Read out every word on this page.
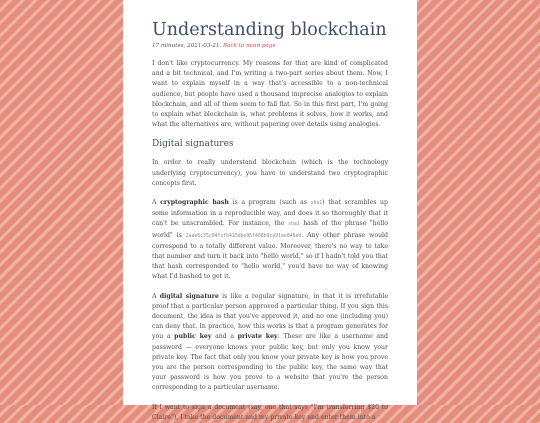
Understanding blockchain
17 minutes, 2021-03-21. Back to main page

I don't like cryptocurrency. My reasons for that are kind of complicated and a bit technical, and I'm writing a two-part series about them. Now, I want to explain myself in a way that's accessible to a non-technical audience, but people have used a thousand imprecise analogies to explain blockchain, and all of them seem to fall flat. So in this first part, I'm going to explain what blockchain is, what problems it solves, how it works, and what the alternatives are, without papering over details using analogies.

Digital signatures

In order to really understand blockchain (which is the technology underlying cryptocurrency), you have to understand two cryptographic concepts first.

A cryptographic hash is a program (such as sha1) that scrambles up some information in a reproducible way, and does it so thoroughly that it can't be unscrambled. For instance, the sha1 hash of the phrase "hello world" is 2aae6c35c94fcfb415dbe95f408b9ce91ee846ed. Any other phrase would correspond to a totally different value. Moreover, there's no way to take that number and turn it back into "hello world," so if I hadn't told you that that hash corresponded to "hello world," you'd have no way of knowing what I'd hashed to get it.

A digital signature is like a regular signature, in that it is irrefutable proof that a particular person approved a particular thing. If you sign this document, the idea is that you've approved it, and no one (including you) can deny that. In practice, how this works is that a program generates for you a public key and a private key. These are like a username and password — everyone knows your public key, but only you know your private key. The fact that only you know your private key is how you prove you are the person corresponding to the public key, the same way that your password is how you prove to a website that you're the person corresponding to a particular username.

If I want to sign a document (say, one that says "I'm transferring $20 to Claire"), I take the document and my private key and enter them into a
